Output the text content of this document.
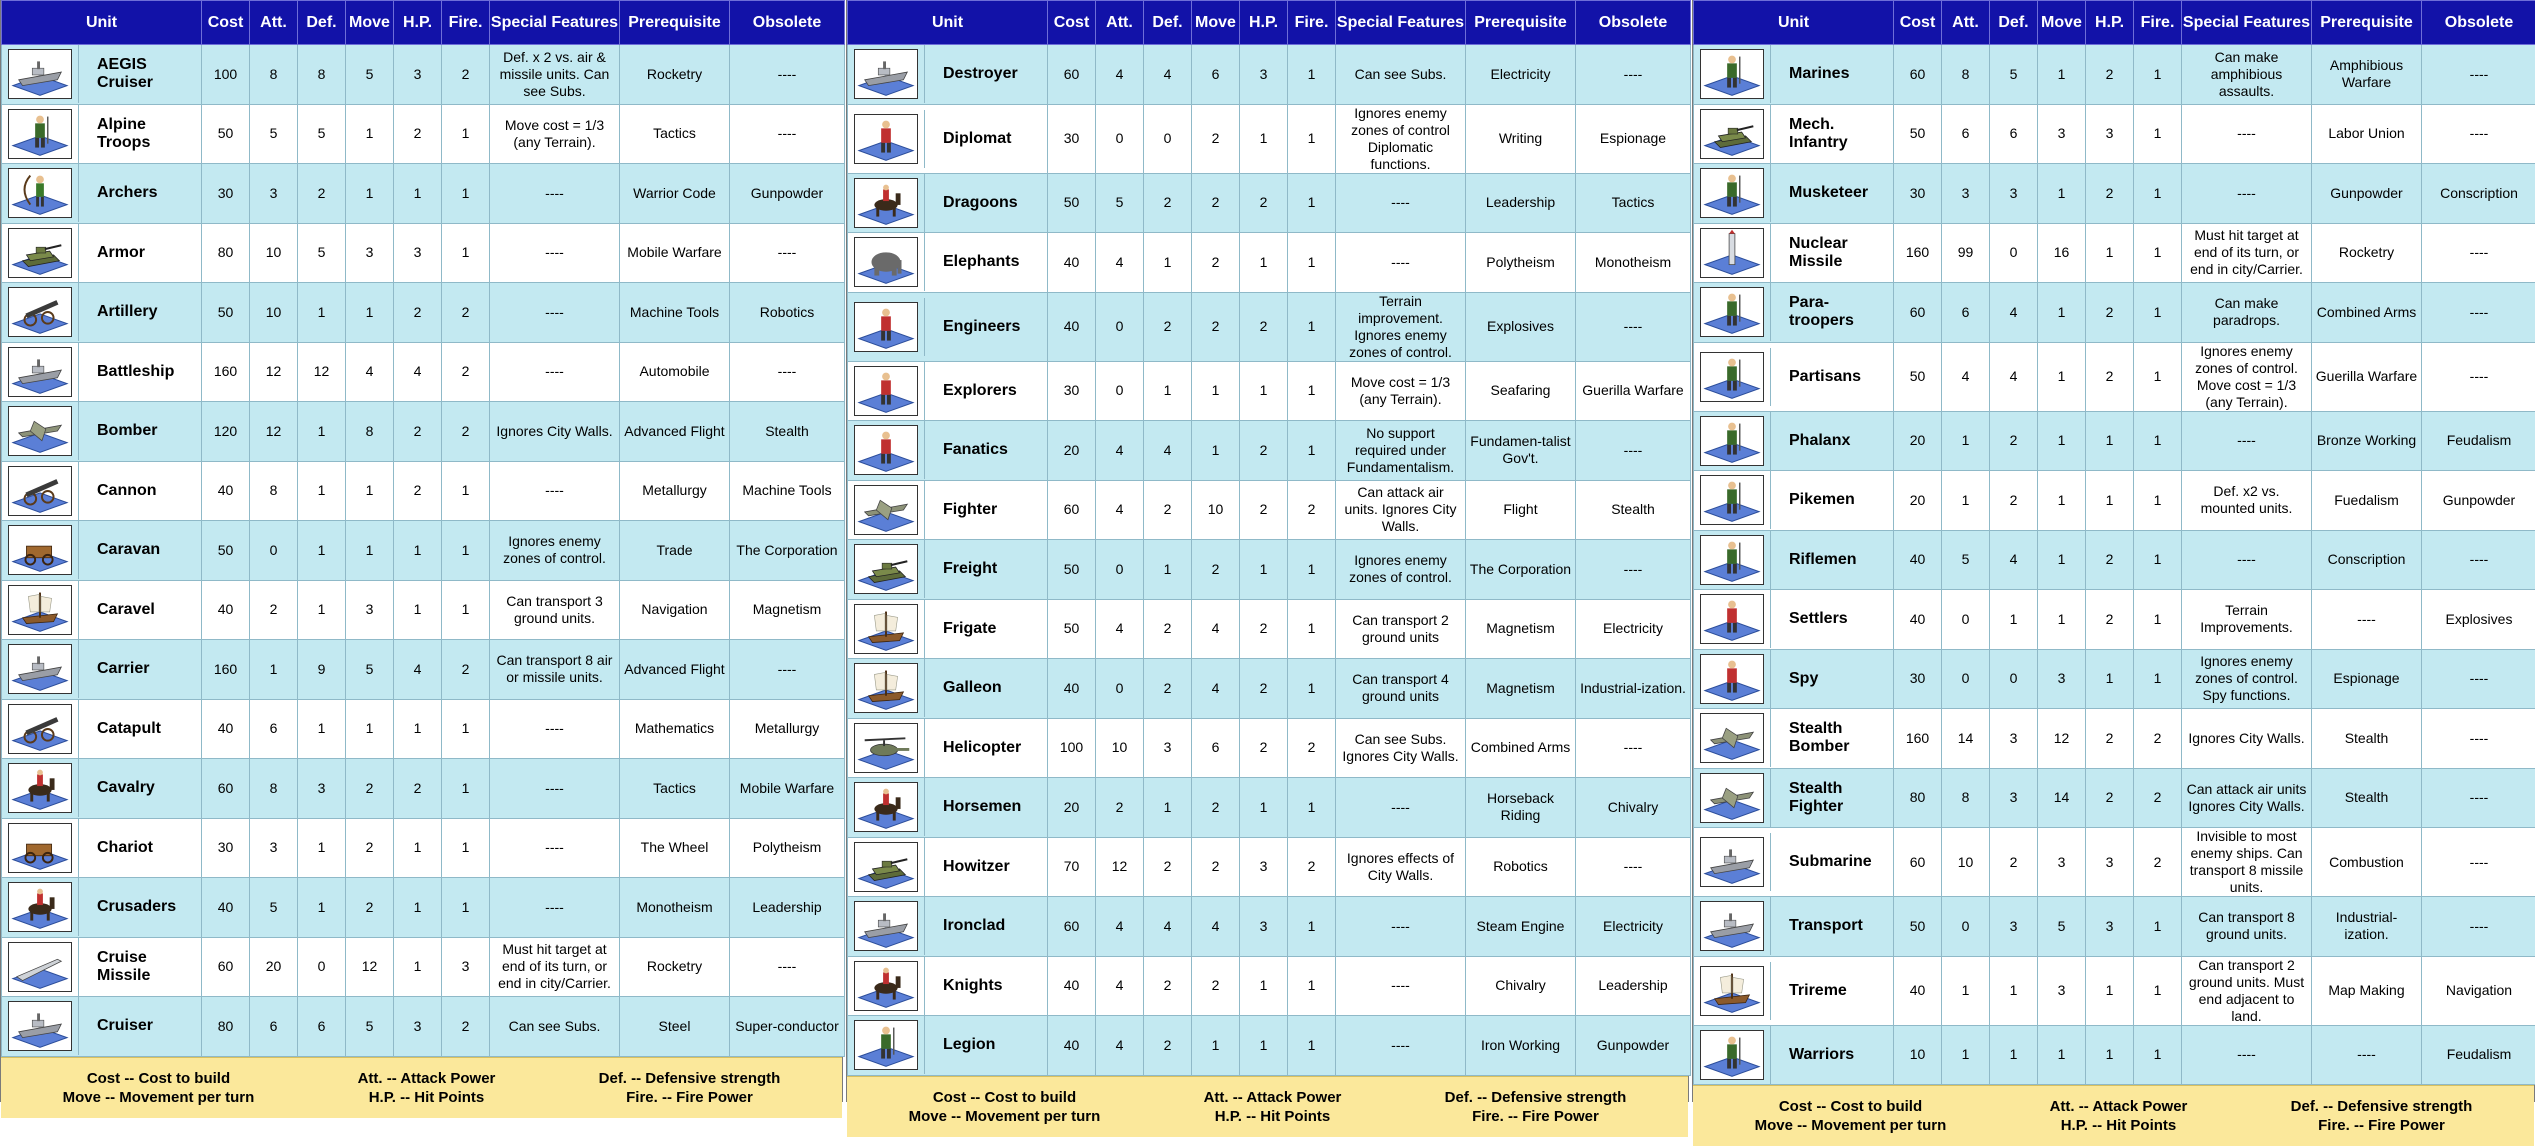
Unit	Cost	Att.	Def.	Move	H.P.	Fire.	Special Features	Prerequisite	Obsolete

AEGIS Cruiser	100	8	8	5	3	2	Def. x 2 vs. air & missile units. Can see Subs.	Rocketry	----

Alpine Troops	50	5	5	1	2	1	Move cost = 1/3 (any Terrain).	Tactics	----

Archers	30	3	2	1	1	1	----	Warrior Code	Gunpowder

Armor	80	10	5	3	3	1	----	Mobile Warfare	----

Artillery	50	10	1	1	2	2	----	Machine Tools	Robotics

Battleship	160	12	12	4	4	2	----	Automobile	----

Bomber	120	12	1	8	2	2	Ignores City Walls.	Advanced Flight	Stealth

Cannon	40	8	1	1	2	1	----	Metallurgy	Machine Tools

Caravan	50	0	1	1	1	1	Ignores enemy zones of control.	Trade	The Corporation

Caravel	40	2	1	3	1	1	Can transport 3 ground units.	Navigation	Magnetism

Carrier	160	1	9	5	4	2	Can transport 8 air or missile units.	Advanced Flight	----

Catapult	40	6	1	1	1	1	----	Mathematics	Metallurgy

Cavalry	60	8	3	2	2	1	----	Tactics	Mobile Warfare

Chariot	30	3	1	2	1	1	----	The Wheel	Polytheism

Crusaders	40	5	1	2	1	1	----	Monotheism	Leadership

Cruise Missile	60	20	0	12	1	3	Must hit target at end of its turn, or end in city/Carrier.	Rocketry	----

Cruiser	80	6	6	5	3	2	Can see Subs.	Steel	Super-conductor
Cost -- Cost to build
Move -- Movement per turn
Att. -- Attack Power
H.P. -- Hit Points
Def. -- Defensive strength
Fire. -- Fire Power
Unit	Cost	Att.	Def.	Move	H.P.	Fire.	Special Features	Prerequisite	Obsolete

Destroyer	60	4	4	6	3	1	Can see Subs.	Electricity	----

Diplomat	30	0	0	2	1	1	Ignores enemy zones of control Diplomatic functions.	Writing	Espionage

Dragoons	50	5	2	2	2	1	----	Leadership	Tactics

Elephants	40	4	1	2	1	1	----	Polytheism	Monotheism

Engineers	40	0	2	2	2	1	Terrain improvement. Ignores enemy zones of control.	Explosives	----

Explorers	30	0	1	1	1	1	Move cost = 1/3 (any Terrain).	Seafaring	Guerilla Warfare

Fanatics	20	4	4	1	2	1	No support required under Fundamentalism.	Fundamen-talist Gov't.	----

Fighter	60	4	2	10	2	2	Can attack air units. Ignores City Walls.	Flight	Stealth

Freight	50	0	1	2	1	1	Ignores enemy zones of control.	The Corporation	----

Frigate	50	4	2	4	2	1	Can transport 2 ground units	Magnetism	Electricity

Galleon	40	0	2	4	2	1	Can transport 4 ground units	Magnetism	Industrial-ization.

Helicopter	100	10	3	6	2	2	Can see Subs. Ignores City Walls.	Combined Arms	----

Horsemen	20	2	1	2	1	1	----	Horseback Riding	Chivalry

Howitzer	70	12	2	2	3	2	Ignores effects of City Walls.	Robotics	----

Ironclad	60	4	4	4	3	1	----	Steam Engine	Electricity

Knights	40	4	2	2	1	1	----	Chivalry	Leadership

Legion	40	4	2	1	1	1	----	Iron Working	Gunpowder
Cost -- Cost to build
Move -- Movement per turn
Att. -- Attack Power
H.P. -- Hit Points
Def. -- Defensive strength
Fire. -- Fire Power
Unit	Cost	Att.	Def.	Move	H.P.	Fire.	Special Features	Prerequisite	Obsolete

Marines	60	8	5	1	2	1	Can make amphibious assaults.	Amphibious Warfare	----

Mech. Infantry	50	6	6	3	3	1	----	Labor Union	----

Musketeer	30	3	3	1	2	1	----	Gunpowder	Conscription

Nuclear Missile	160	99	0	16	1	1	Must hit target at end of its turn, or end in city/Carrier.	Rocketry	----

Para-troopers	60	6	4	1	2	1	Can make paradrops.	Combined Arms	----

Partisans	50	4	4	1	2	1	Ignores enemy zones of control. Move cost = 1/3 (any Terrain).	Guerilla Warfare	----

Phalanx	20	1	2	1	1	1	----	Bronze Working	Feudalism

Pikemen	20	1	2	1	1	1	Def. x2 vs. mounted units.	Fuedalism	Gunpowder

Riflemen	40	5	4	1	2	1	----	Conscription	----

Settlers	40	0	1	1	2	1	Terrain Improvements.	----	Explosives

Spy	30	0	0	3	1	1	Ignores enemy zones of control. Spy functions.	Espionage	----

Stealth Bomber	160	14	3	12	2	2	Ignores City Walls.	Stealth	----

Stealth Fighter	80	8	3	14	2	2	Can attack air units Ignores City Walls.	Stealth	----

Submarine	60	10	2	3	3	2	Invisible to most enemy ships. Can transport 8 missile units.	Combustion	----

Transport	50	0	3	5	3	1	Can transport 8 ground units.	Industrial-ization.	----

Trireme	40	1	1	3	1	1	Can transport 2 ground units. Must end adjacent to land.	Map Making	Navigation

Warriors	10	1	1	1	1	1	----	----	Feudalism
Cost -- Cost to build
Move -- Movement per turn
Att. -- Attack Power
H.P. -- Hit Points
Def. -- Defensive strength
Fire. -- Fire Power
